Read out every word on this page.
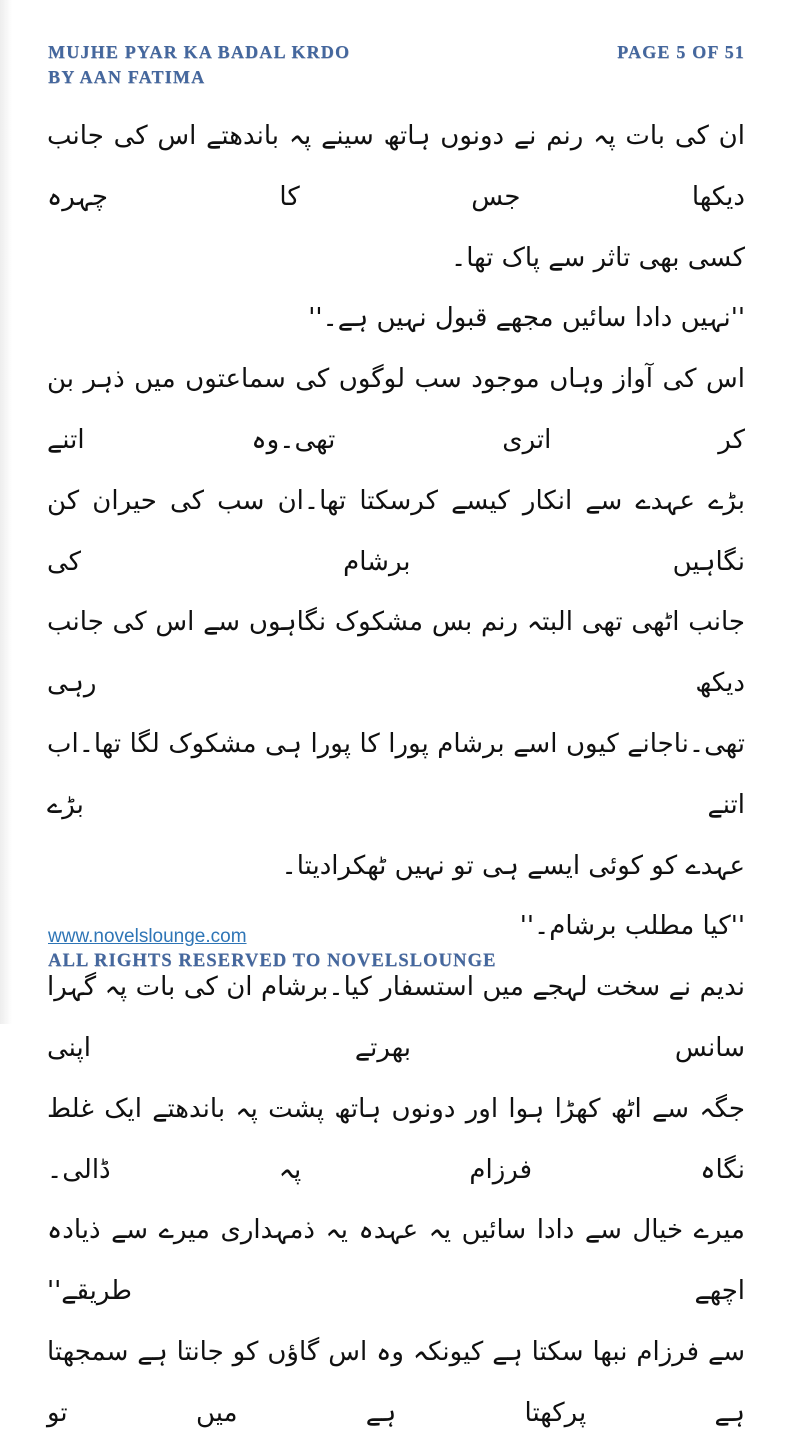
MUJHE PYAR KA BADAL KRDO
BY AAN FATIMA
PAGE 5 OF 51
ان کی بات پہ رنم نے دونوں ہاتھ سینے پہ باندھتے اس کی جانب دیکھا جس کا چہرہ
کسی بھی تاثر سے پاک تھا۔
''نہیں دادا سائیں مجھے قبول نہیں ہے۔''
اس کی آواز وہاں موجود سب لوگوں کی سماعتوں میں ذہر بن کر اتری تھی۔وہ اتنے
بڑے عہدے سے انکار کیسے کرسکتا تھا۔ان سب کی حیران کن نگاہیں برشام کی
جانب اٹھی تھی البتہ رنم بس مشکوک نگاہوں سے اس کی جانب دیکھ رہی
تھی۔ناجانے کیوں اسے برشام پورا کا پورا ہی مشکوک لگا تھا۔اب اتنے بڑے
عہدے کو کوئی ایسے ہی تو نہیں ٹھکرادیتا۔
''کیا مطلب برشام۔''
ندیم نے سخت لہجے میں استسفار کیا۔برشام ان کی بات پہ گہرا سانس بھرتے اپنی
جگہ سے اٹھ کھڑا ہوا اور دونوں ہاتھ پشت پہ باندھتے ایک غلط نگاہ فرزام پہ ڈالی۔
میرے خیال سے دادا سائیں یہ عہدہ یہ ذمہداری میرے سے ذیادہ اچھے طریقے''
سے فرزام نبھا سکتا ہے کیونکہ وہ اس گاؤں کو جانتا ہے سمجھتا ہے پرکھتا ہے میں تو
www.novelslounge.com
ALL RIGHTS RESERVED TO NOVELSLOUNGE
